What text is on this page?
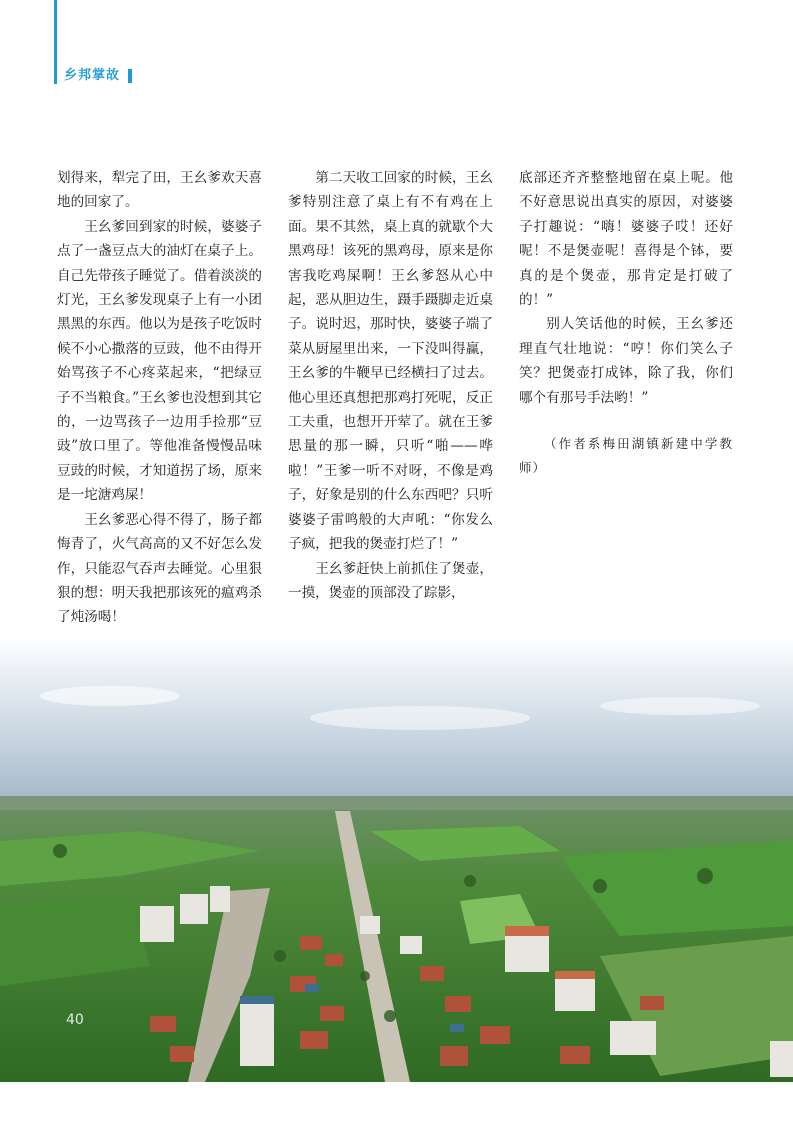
乡邦掌故

划得来，犁完了田，王幺爹欢天喜地的回家了。

王幺爹回到家的时候，婆婆子点了一盏豆点大的油灯在桌子上。自己先带孩子睡觉了。借着淡淡的灯光，王幺爹发现桌子上有一小团黑黑的东西。他以为是孩子吃饭时候不小心撒落的豆豉，他不由得开始骂孩子不心疼菜起来，“把绿豆子不当粮食。”王幺爹也没想到其它的，一边骂孩子一边用手捡那“豆豉”放口里了。等他准备慢慢品味豆豉的时候，才知道拐了场，原来是一坨溏鸡屎！

王幺爹恶心得不得了，肠子都悔青了，火气高高的又不好怎么发作，只能忍气吞声去睡觉。心里狠狠的想：明天我把那该死的瘟鸡杀了炖汤喝！

第二天收工回家的时候，王幺爹特别注意了桌上有不有鸡在上面。果不其然，桌上真的就歇个大黑鸡母！该死的黑鸡母，原来是你害我吃鸡屎啊！王幺爹怒从心中起，恶从胆边生，蹑手蹑脚走近桌子。说时迟，那时快，婆婆子端了菜从厨屋里出来，一下没叫得赢，王幺爹的牛鞭早已经横扫了过去。他心里还真想把那鸡打死呢，反正工夫重，也想开开荤了。就在王爹思量的那一瞬，只听“啪——哗啦！”王爹一听不对呀，不像是鸡子，好象是别的什么东西吧？只听婆婆子雷鸣般的大声吼：“你发么子疯，把我的煲壶打烂了！”

王幺爹赶快上前抓住了煲壶，一摸，煲壶的顶部没了踪影，

底部还齐齐整整地留在桌上呢。他不好意思说出真实的原因，对婆婆子打趣说：“嗨！婆婆子哎！还好呢！不是煲壶呢！喜得是个钵，要真的是个煲壶，那肯定是打破了的！”

别人笑话他的时候，王幺爹还理直气壮地说：“哼！你们笑么子笑？把煲壶打成钵，除了我，你们哪个有那号手法哟！”

（作者系梅田湖镇新建中学教师）

40
